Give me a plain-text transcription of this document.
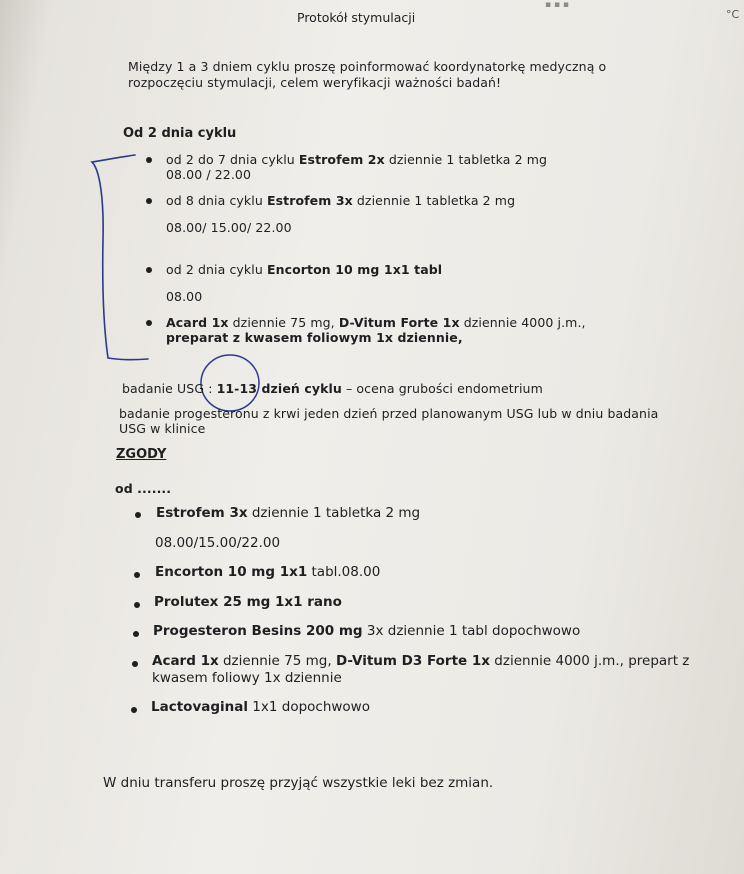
▪ ▪ ▪
°C
Protokół stymulacji
Między 1 a 3 dniem cyklu proszę poinformować koordynatorkę medyczną o
rozpoczęciu stymulacji, celem weryfikacji ważności badań!
Od 2 dnia cyklu
od 2 do 7 dnia cyklu Estrofem 2x dziennie 1 tabletka 2 mg
08.00 / 22.00
od 8 dnia cyklu Estrofem 3x dziennie 1 tabletka 2 mg
08.00/ 15.00/ 22.00
od 2 dnia cyklu Encorton 10 mg 1x1 tabl
08.00
Acard 1x dziennie 75 mg, D-Vitum Forte 1x dziennie 4000 j.m.,
preparat z kwasem foliowym 1x dziennie,
badanie USG : 11-13 dzień cyklu – ocena grubości endometrium
badanie progesteronu z krwi jeden dzień przed planowanym USG lub w dniu badania
USG w klinice
ZGODY
od .......
Estrofem 3x dziennie 1 tabletka 2 mg
08.00/15.00/22.00
Encorton 10 mg 1x1 tabl.08.00
Prolutex 25 mg 1x1 rano
Progesteron Besins 200 mg 3x dziennie 1 tabl dopochwowo
Acard 1x dziennie 75 mg, D-Vitum D3 Forte 1x dziennie 4000 j.m., prepart z
kwasem foliowy 1x dziennie
Lactovaginal 1x1 dopochwowo
W dniu transferu proszę przyjąć wszystkie leki bez zmian.
